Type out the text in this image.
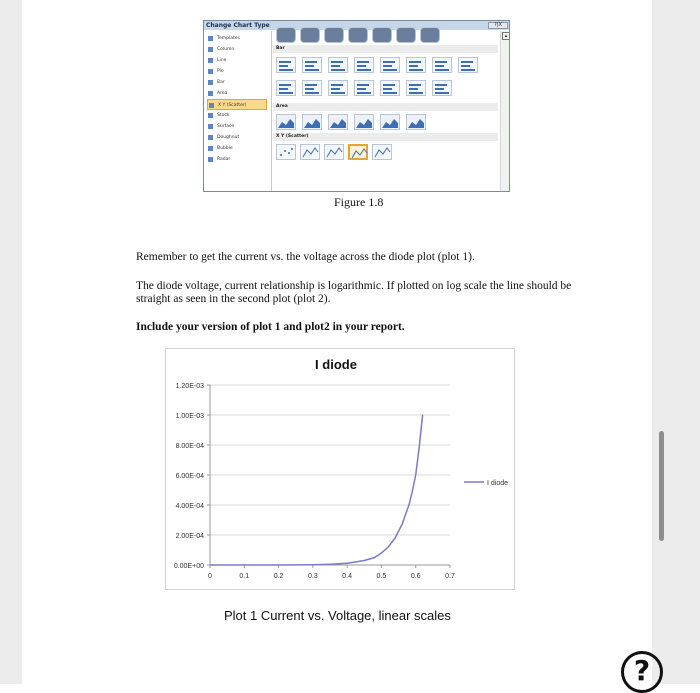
Change Chart Type	?|X
Templates
Column
Line
Pie
Bar
Area
X Y (Scatter)
Stock
Surface
Doughnut
Bubble
Radar
Bar
Area
X Y (Scatter)
▴
Figure 1.8
Remember to get the current vs. the voltage across the diode plot (plot 1).
The diode voltage, current relationship is logarithmic. If plotted on log scale the line should be straight as seen in the second plot (plot 2).
Include your version of plot 1 and plot2 in your report.
I diode
0.00E+00
2.00E-04
4.00E-04
6.00E-04
8.00E-04
1.00E-03
1.20E-03
0	0.1	0.2	0.3	0.4	0.5	0.6	0.7
I diode
Plot 1 Current vs. Voltage, linear scales
?
